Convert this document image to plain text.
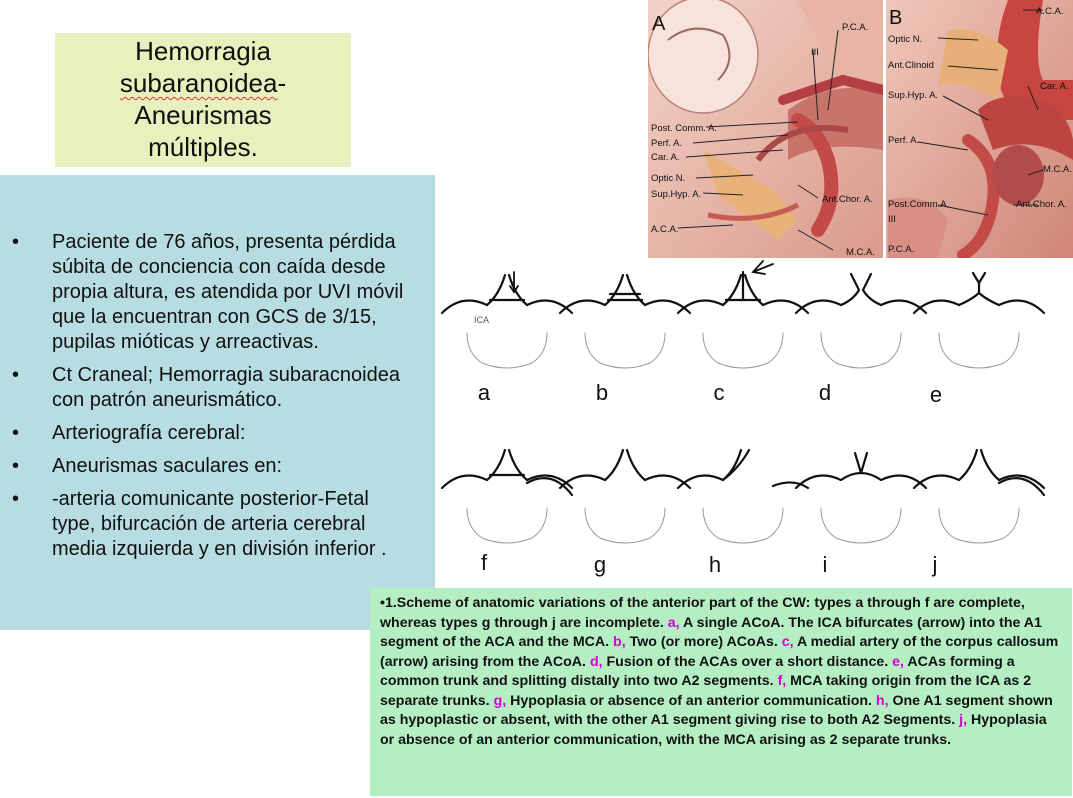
Hemorragia
subaranoidea-
Aneurismas
múltiples.
• Paciente de 76 años, presenta pérdida súbita de conciencia con caída desde propia altura, es atendida por UVI móvil que la encuentran con GCS de 3/15, pupilas mióticas y arreactivas.
• Ct Craneal; Hemorragia subaracnoidea con patrón aneurismático.
• Arteriografía cerebral:
• Aneurismas saculares en:
• -arteria comunicante posterior-Fetal type, bifurcación de arteria cerebral media izquierda y en división inferior .
A	P.C.A.
III
Post. Comm. A.
Perf. A.
Car. A.
Optic N.
Sup.Hyp. A.
A.C.A.
Ant.Chor. A.
M.C.A.
B	A.C.A.
Optic N.
Ant.Clinoid
Car. A.
Sup.Hyp. A.
Perf. A.
M.C.A.
Post.Comm.A.
III
Ant.Chor. A.
P.C.A.
ICA
a	b	c	d	e
f	g	h	i	j
•1.Scheme of anatomic variations of the anterior part of the CW: types a through f are complete, whereas types g through j are incomplete. a, A single ACoA. The ICA bifurcates (arrow) into the A1 segment of the ACA and the MCA. b, Two (or more) ACoAs. c, A medial artery of the corpus callosum (arrow) arising from the ACoA. d, Fusion of the ACAs over a short distance. e, ACAs forming a common trunk and splitting distally into two A2 segments. f, MCA taking origin from the ICA as 2 separate trunks. g, Hypoplasia or absence of an anterior communication. h, One A1 segment shown as hypoplastic or absent, with the other A1 segment giving rise to both A2 Segments. j, Hypoplasia or absence of an anterior communication, with the MCA arising as 2 separate trunks.
